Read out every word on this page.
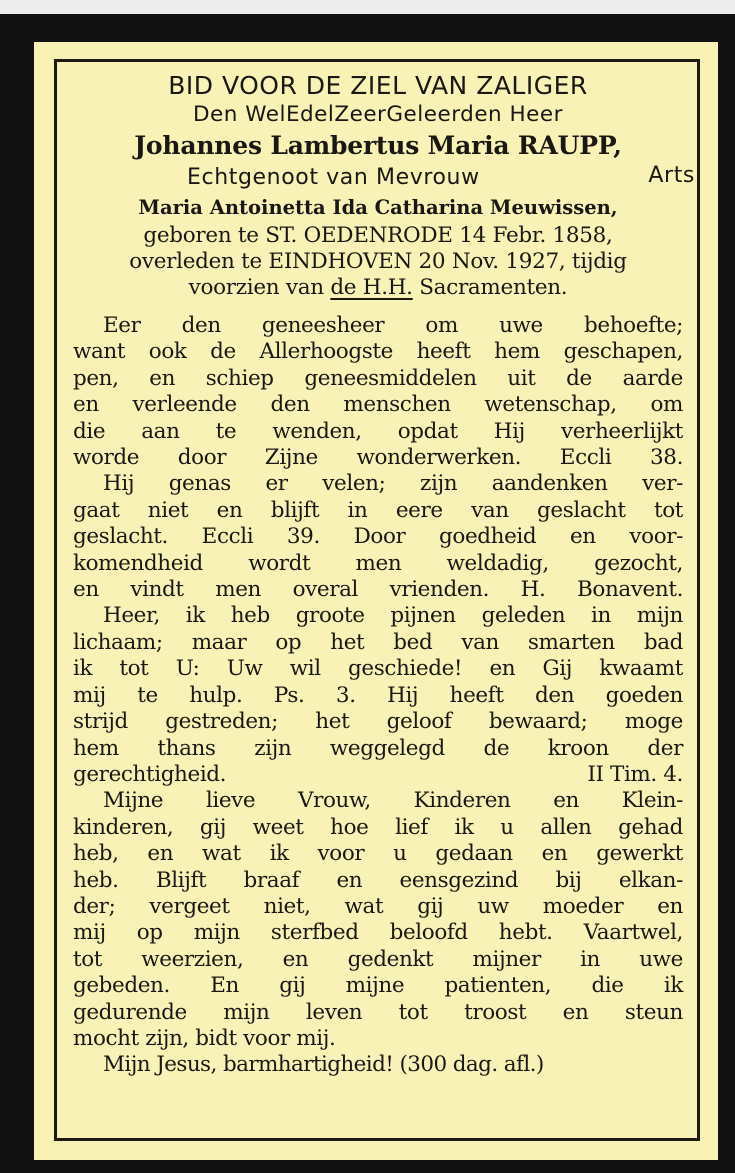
BID VOOR DE ZIEL VAN ZALIGER
Den WelEdelZeerGeleerden Heer
Johannes Lambertus Maria RAUPP,
Echtgenoot van Mevrouw	Arts
Maria Antoinetta Ida Catharina Meuwissen,
geboren te ST. OEDENRODE 14 Febr. 1858,
overleden te EINDHOVEN 20 Nov. 1927, tijdig
voorzien van de H.H. Sacramenten.
Eer den geneesheer om uwe behoefte;
want ook de Allerhoogste heeft hem geschapen,
pen, en schiep geneesmiddelen uit de aarde
en verleende den menschen wetenschap, om
die aan te wenden, opdat Hij verheerlijkt
worde door Zijne wonderwerken. Eccli 38.
Hij genas er velen; zijn aandenken ver-
gaat niet en blijft in eere van geslacht tot
geslacht. Eccli 39. Door goedheid en voor-
komendheid wordt men weldadig, gezocht,
en vindt men overal vrienden. H. Bonavent.
Heer, ik heb groote pijnen geleden in mijn
lichaam; maar op het bed van smarten bad
ik tot U: Uw wil geschiede! en Gij kwaamt
mij te hulp. Ps. 3. Hij heeft den goeden
strijd gestreden; het geloof bewaard; moge
hem thans zijn weggelegd de kroon der
gerechtigheid.	II Tim. 4.
Mijne lieve Vrouw, Kinderen en Klein-
kinderen, gij weet hoe lief ik u allen gehad
heb, en wat ik voor u gedaan en gewerkt
heb. Blijft braaf en eensgezind bij elkan-
der; vergeet niet, wat gij uw moeder en
mij op mijn sterfbed beloofd hebt. Vaartwel,
tot weerzien, en gedenkt mijner in uwe
gebeden. En gij mijne patienten, die ik
gedurende mijn leven tot troost en steun
mocht zijn, bidt voor mij.
Mijn Jesus, barmhartigheid! (300 dag. afl.)
